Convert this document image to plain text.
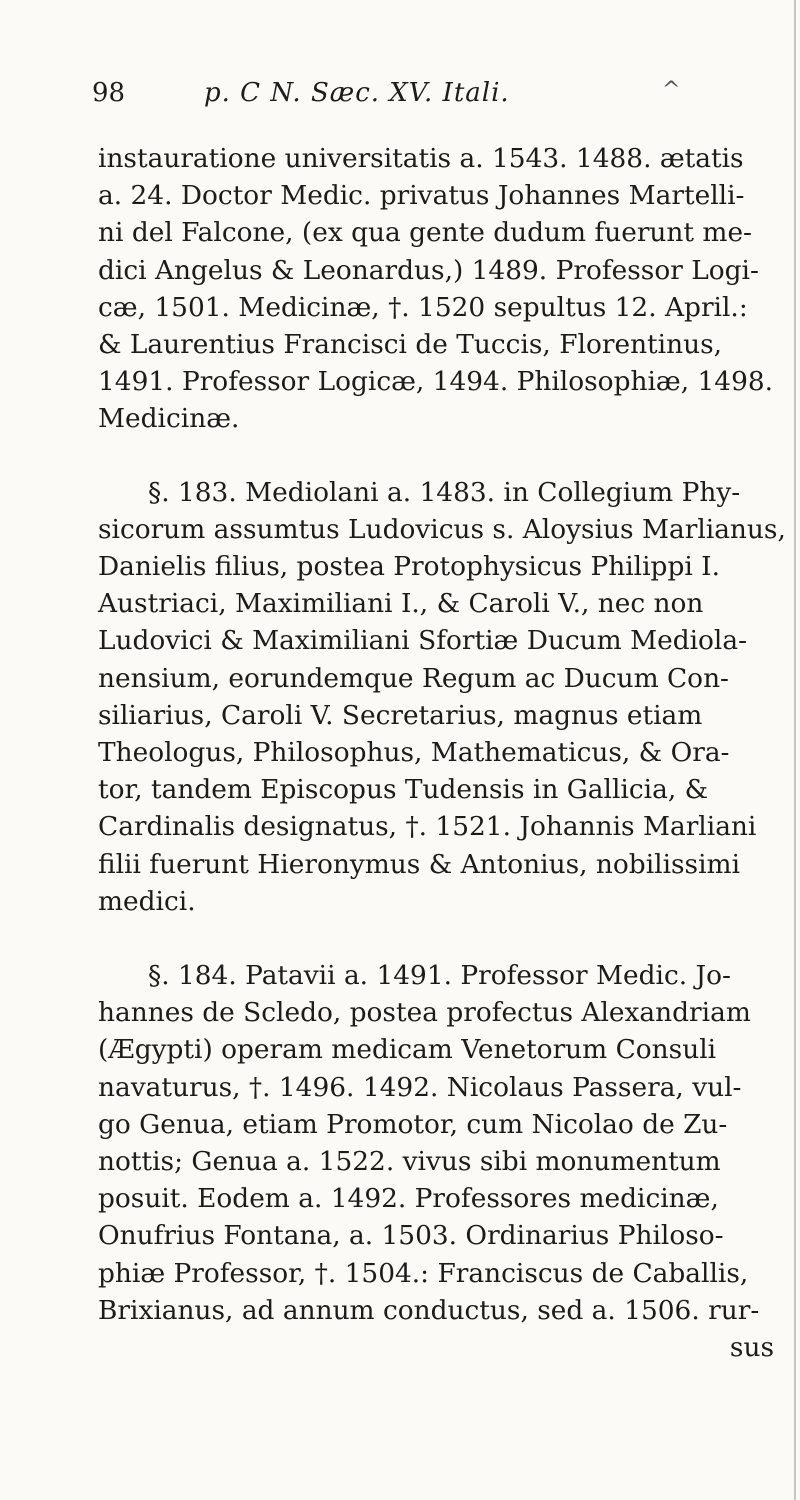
98	p. C N. Sæc. XV. Itali.	^

instauratione universitatis a. 1543. 1488. ætatis
a. 24. Doctor Medic. privatus Johannes Martelli-
ni del Falcone, (ex qua gente dudum fuerunt me-
dici Angelus & Leonardus,) 1489. Professor Logi-
cæ, 1501. Medicinæ, †. 1520 sepultus 12. April.:
& Laurentius Francisci de Tuccis, Florentinus,
1491. Professor Logicæ, 1494. Philosophiæ, 1498.
Medicinæ.

§. 183. Mediolani a. 1483. in Collegium Phy-
sicorum assumtus Ludovicus s. Aloysius Marlianus,
Danielis filius, postea Protophysicus Philippi I.
Austriaci, Maximiliani I., & Caroli V., nec non
Ludovici & Maximiliani Sfortiæ Ducum Mediola-
nensium, eorundemque Regum ac Ducum Con-
siliarius, Caroli V. Secretarius, magnus etiam
Theologus, Philosophus, Mathematicus, & Ora-
tor, tandem Episcopus Tudensis in Gallicia, &
Cardinalis designatus, †. 1521. Johannis Marliani
filii fuerunt Hieronymus & Antonius, nobilissimi
medici.

§. 184. Patavii a. 1491. Professor Medic. Jo-
hannes de Scledo, postea profectus Alexandriam
(Ægypti) operam medicam Venetorum Consuli
navaturus, †. 1496. 1492. Nicolaus Passera, vul-
go Genua, etiam Promotor, cum Nicolao de Zu-
nottis; Genua a. 1522. vivus sibi monumentum
posuit. Eodem a. 1492. Professores medicinæ,
Onufrius Fontana, a. 1503. Ordinarius Philoso-
phiæ Professor, †. 1504.: Franciscus de Caballis,
Brixianus, ad annum conductus, sed a. 1506. rur-
sus
